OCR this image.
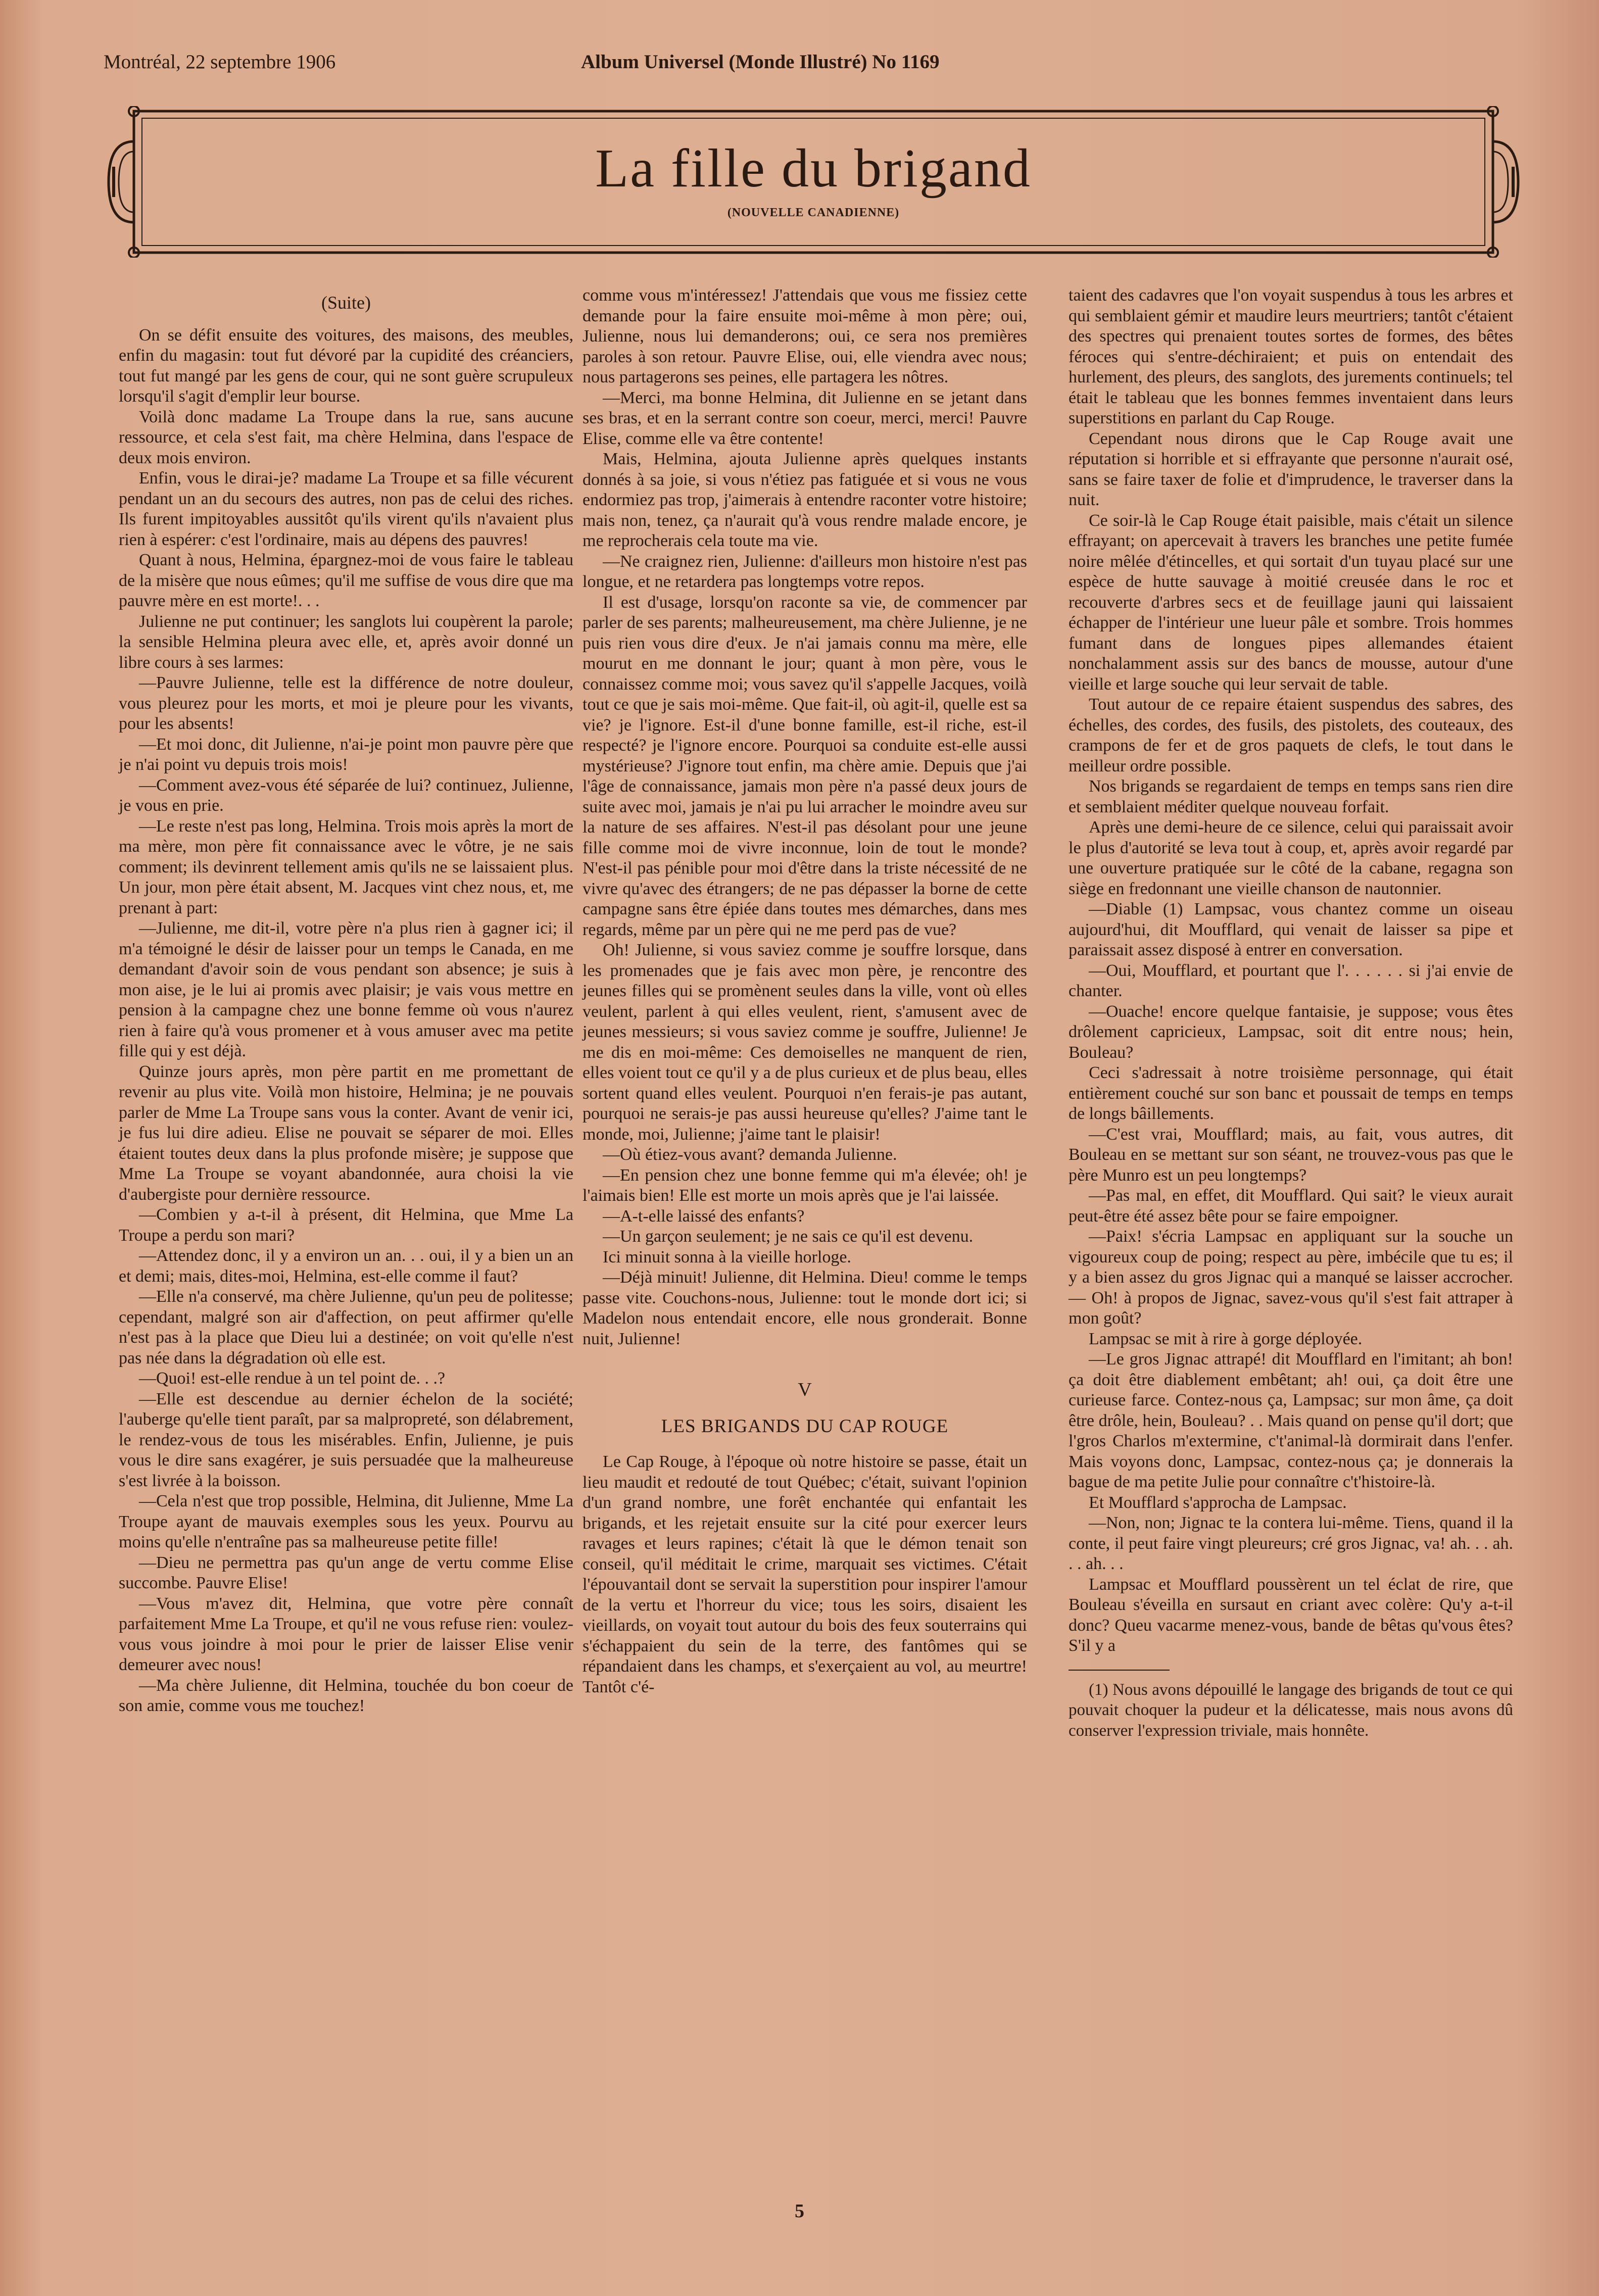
Montréal, 22 septembre 1906	Album Universel (Monde Illustré) No 1169
La fille du brigand
(NOUVELLE CANADIENNE)

(Suite)

On se défit ensuite des voitures, des maisons, des meubles, enfin du magasin: tout fut dévoré par la cupidité des créanciers, tout fut mangé par les gens de cour, qui ne sont guère scrupuleux lorsqu'il s'agit d'emplir leur bourse.

Voilà donc madame La Troupe dans la rue, sans aucune ressource, et cela s'est fait, ma chère Helmina, dans l'espace de deux mois environ.

Enfin, vous le dirai-je? madame La Troupe et sa fille vécurent pendant un an du secours des autres, non pas de celui des riches. Ils furent impitoyables aussitôt qu'ils virent qu'ils n'avaient plus rien à espérer: c'est l'ordinaire, mais au dépens des pauvres!

Quant à nous, Helmina, épargnez-moi de vous faire le tableau de la misère que nous eûmes; qu'il me suffise de vous dire que ma pauvre mère en est morte!. . .

Julienne ne put continuer; les sanglots lui coupèrent la parole; la sensible Helmina pleura avec elle, et, après avoir donné un libre cours à ses larmes:

—Pauvre Julienne, telle est la différence de notre douleur, vous pleurez pour les morts, et moi je pleure pour les vivants, pour les absents!

—Et moi donc, dit Julienne, n'ai-je point mon pauvre père que je n'ai point vu depuis trois mois!

—Comment avez-vous été séparée de lui? continuez, Julienne, je vous en prie.

—Le reste n'est pas long, Helmina. Trois mois après la mort de ma mère, mon père fit connaissance avec le vôtre, je ne sais comment; ils devinrent tellement amis qu'ils ne se laissaient plus. Un jour, mon père était absent, M. Jacques vint chez nous, et, me prenant à part:

—Julienne, me dit-il, votre père n'a plus rien à gagner ici; il m'a témoigné le désir de laisser pour un temps le Canada, en me demandant d'avoir soin de vous pendant son absence; je suis à mon aise, je le lui ai promis avec plaisir; je vais vous mettre en pension à la campagne chez une bonne femme où vous n'aurez rien à faire qu'à vous promener et à vous amuser avec ma petite fille qui y est déjà.

Quinze jours après, mon père partit en me promettant de revenir au plus vite. Voilà mon histoire, Helmina; je ne pouvais parler de Mme La Troupe sans vous la conter. Avant de venir ici, je fus lui dire adieu. Elise ne pouvait se séparer de moi. Elles étaient toutes deux dans la plus profonde misère; je suppose que Mme La Troupe se voyant abandonnée, aura choisi la vie d'aubergiste pour dernière ressource.

—Combien y a-t-il à présent, dit Helmina, que Mme La Troupe a perdu son mari?

—Attendez donc, il y a environ un an. . . oui, il y a bien un an et demi; mais, dites-moi, Helmina, est-elle comme il faut?

—Elle n'a conservé, ma chère Julienne, qu'un peu de politesse; cependant, malgré son air d'affection, on peut affirmer qu'elle n'est pas à la place que Dieu lui a destinée; on voit qu'elle n'est pas née dans la dégradation où elle est.

—Quoi! est-elle rendue à un tel point de. . .?

—Elle est descendue au dernier échelon de la société; l'auberge qu'elle tient paraît, par sa malpropreté, son délabrement, le rendez-vous de tous les misérables. Enfin, Julienne, je puis vous le dire sans exagérer, je suis persuadée que la malheureuse s'est livrée à la boisson.

—Cela n'est que trop possible, Helmina, dit Julienne, Mme La Troupe ayant de mauvais exemples sous les yeux. Pourvu au moins qu'elle n'entraîne pas sa malheureuse petite fille!

—Dieu ne permettra pas qu'un ange de vertu comme Elise succombe. Pauvre Elise!

—Vous m'avez dit, Helmina, que votre père connaît parfaitement Mme La Troupe, et qu'il ne vous refuse rien: voulez-vous vous joindre à moi pour le prier de laisser Elise venir demeurer avec nous!

—Ma chère Julienne, dit Helmina, touchée du bon coeur de son amie, comme vous me touchez!

comme vous m'intéressez! J'attendais que vous me fissiez cette demande pour la faire ensuite moi-même à mon père; oui, Julienne, nous lui demanderons; oui, ce sera nos premières paroles à son retour. Pauvre Elise, oui, elle viendra avec nous; nous partagerons ses peines, elle partagera les nôtres.

—Merci, ma bonne Helmina, dit Julienne en se jetant dans ses bras, et en la serrant contre son coeur, merci, merci! Pauvre Elise, comme elle va être contente!

Mais, Helmina, ajouta Julienne après quelques instants donnés à sa joie, si vous n'étiez pas fatiguée et si vous ne vous endormiez pas trop, j'aimerais à entendre raconter votre histoire; mais non, tenez, ça n'aurait qu'à vous rendre malade encore, je me reprocherais cela toute ma vie.

—Ne craignez rien, Julienne: d'ailleurs mon histoire n'est pas longue, et ne retardera pas longtemps votre repos.

Il est d'usage, lorsqu'on raconte sa vie, de commencer par parler de ses parents; malheureusement, ma chère Julienne, je ne puis rien vous dire d'eux. Je n'ai jamais connu ma mère, elle mourut en me donnant le jour; quant à mon père, vous le connaissez comme moi; vous savez qu'il s'appelle Jacques, voilà tout ce que je sais moi-même. Que fait-il, où agit-il, quelle est sa vie? je l'ignore. Est-il d'une bonne famille, est-il riche, est-il respecté? je l'ignore encore. Pourquoi sa conduite est-elle aussi mystérieuse? J'ignore tout enfin, ma chère amie. Depuis que j'ai l'âge de connaissance, jamais mon père n'a passé deux jours de suite avec moi, jamais je n'ai pu lui arracher le moindre aveu sur la nature de ses affaires. N'est-il pas désolant pour une jeune fille comme moi de vivre inconnue, loin de tout le monde? N'est-il pas pénible pour moi d'être dans la triste nécessité de ne vivre qu'avec des étrangers; de ne pas dépasser la borne de cette campagne sans être épiée dans toutes mes démarches, dans mes regards, même par un père qui ne me perd pas de vue?

Oh! Julienne, si vous saviez comme je souffre lorsque, dans les promenades que je fais avec mon père, je rencontre des jeunes filles qui se promènent seules dans la ville, vont où elles veulent, parlent à qui elles veulent, rient, s'amusent avec de jeunes messieurs; si vous saviez comme je souffre, Julienne! Je me dis en moi-même: Ces demoiselles ne manquent de rien, elles voient tout ce qu'il y a de plus curieux et de plus beau, elles sortent quand elles veulent. Pourquoi n'en ferais-je pas autant, pourquoi ne serais-je pas aussi heureuse qu'elles? J'aime tant le monde, moi, Julienne; j'aime tant le plaisir!

—Où étiez-vous avant? demanda Julienne.

—En pension chez une bonne femme qui m'a élevée; oh! je l'aimais bien! Elle est morte un mois après que je l'ai laissée.

—A-t-elle laissé des enfants?

—Un garçon seulement; je ne sais ce qu'il est devenu.

Ici minuit sonna à la vieille horloge.

—Déjà minuit! Julienne, dit Helmina. Dieu! comme le temps passe vite. Couchons-nous, Julienne: tout le monde dort ici; si Madelon nous entendait encore, elle nous gronderait. Bonne nuit, Julienne!

V

LES BRIGANDS DU CAP ROUGE

Le Cap Rouge, à l'époque où notre histoire se passe, était un lieu maudit et redouté de tout Québec; c'était, suivant l'opinion d'un grand nombre, une forêt enchantée qui enfantait les brigands, et les rejetait ensuite sur la cité pour exercer leurs ravages et leurs rapines; c'était là que le démon tenait son conseil, qu'il méditait le crime, marquait ses victimes. C'était l'épouvantail dont se servait la superstition pour inspirer l'amour de la vertu et l'horreur du vice; tous les soirs, disaient les vieillards, on voyait tout autour du bois des feux souterrains qui s'échappaient du sein de la terre, des fantômes qui se répandaient dans les champs, et s'exerçaient au vol, au meurtre! Tantôt c'é-

taient des cadavres que l'on voyait suspendus à tous les arbres et qui semblaient gémir et maudire leurs meurtriers; tantôt c'étaient des spectres qui prenaient toutes sortes de formes, des bêtes féroces qui s'entre-déchiraient; et puis on entendait des hurlement, des pleurs, des sanglots, des jurements continuels; tel était le tableau que les bonnes femmes inventaient dans leurs superstitions en parlant du Cap Rouge.

Cependant nous dirons que le Cap Rouge avait une réputation si horrible et si effrayante que personne n'aurait osé, sans se faire taxer de folie et d'imprudence, le traverser dans la nuit.

Ce soir-là le Cap Rouge était paisible, mais c'était un silence effrayant; on apercevait à travers les branches une petite fumée noire mêlée d'étincelles, et qui sortait d'un tuyau placé sur une espèce de hutte sauvage à moitié creusée dans le roc et recouverte d'arbres secs et de feuillage jauni qui laissaient échapper de l'intérieur une lueur pâle et sombre. Trois hommes fumant dans de longues pipes allemandes étaient nonchalamment assis sur des bancs de mousse, autour d'une vieille et large souche qui leur servait de table.

Tout autour de ce repaire étaient suspendus des sabres, des échelles, des cordes, des fusils, des pistolets, des couteaux, des crampons de fer et de gros paquets de clefs, le tout dans le meilleur ordre possible.

Nos brigands se regardaient de temps en temps sans rien dire et semblaient méditer quelque nouveau forfait.

Après une demi-heure de ce silence, celui qui paraissait avoir le plus d'autorité se leva tout à coup, et, après avoir regardé par une ouverture pratiquée sur le côté de la cabane, regagna son siège en fredonnant une vieille chanson de nautonnier.

—Diable (1) Lampsac, vous chantez comme un oiseau aujourd'hui, dit Moufflard, qui venait de laisser sa pipe et paraissait assez disposé à entrer en conversation.

—Oui, Moufflard, et pourtant que l'. . . . . . si j'ai envie de chanter.

—Ouache! encore quelque fantaisie, je suppose; vous êtes drôlement capricieux, Lampsac, soit dit entre nous; hein, Bouleau?

Ceci s'adressait à notre troisième personnage, qui était entièrement couché sur son banc et poussait de temps en temps de longs bâillements.

—C'est vrai, Moufflard; mais, au fait, vous autres, dit Bouleau en se mettant sur son séant, ne trouvez-vous pas que le père Munro est un peu longtemps?

—Pas mal, en effet, dit Moufflard. Qui sait? le vieux aurait peut-être été assez bête pour se faire empoigner.

—Paix! s'écria Lampsac en appliquant sur la souche un vigoureux coup de poing; respect au père, imbécile que tu es; il y a bien assez du gros Jignac qui a manqué se laisser accrocher. — Oh! à propos de Jignac, savez-vous qu'il s'est fait attraper à mon goût?

Lampsac se mit à rire à gorge déployée.

—Le gros Jignac attrapé! dit Moufflard en l'imitant; ah bon! ça doit être diablement embêtant; ah! oui, ça doit être une curieuse farce. Contez-nous ça, Lampsac; sur mon âme, ça doit être drôle, hein, Bouleau? . . Mais quand on pense qu'il dort; que l'gros Charlos m'extermine, c't'animal-là dormirait dans l'enfer. Mais voyons donc, Lampsac, contez-nous ça; je donnerais la bague de ma petite Julie pour connaître c't'histoire-là.

Et Moufflard s'approcha de Lampsac.

—Non, non; Jignac te la contera lui-même. Tiens, quand il la conte, il peut faire vingt pleureurs; cré gros Jignac, va! ah. . . ah. . . ah. . .

Lampsac et Moufflard poussèrent un tel éclat de rire, que Bouleau s'éveilla en sursaut en criant avec colère: Qu'y a-t-il donc? Queu vacarme menez-vous, bande de bêtas qu'vous êtes? S'il y a

(1) Nous avons dépouillé le langage des brigands de tout ce qui pouvait choquer la pudeur et la délicatesse, mais nous avons dû conserver l'expression triviale, mais honnête.

5
